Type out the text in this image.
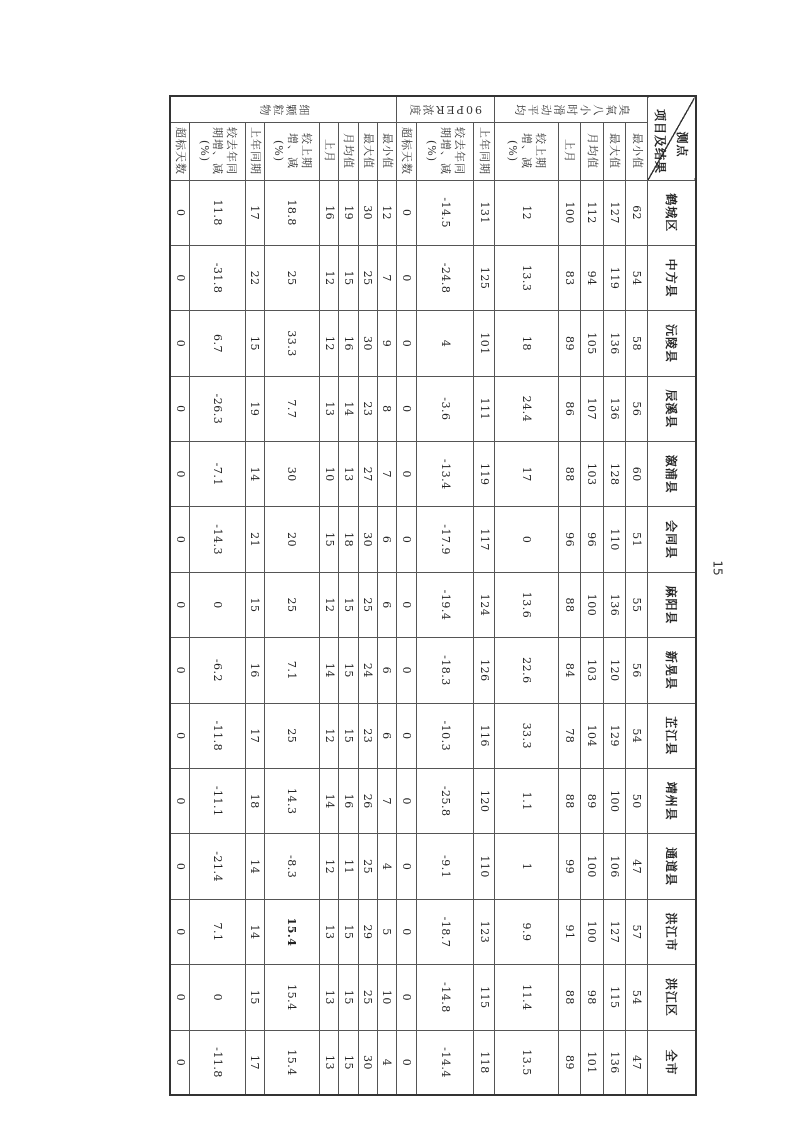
测点
项目及结果		鹤城区	中方县	沅陵县	辰溪县	溆浦县	会同县	麻阳县	新晃县	芷江县	靖州县	通道县	洪江市	洪江区	全市
臭氧八小时滑动平均	最小值	62	54	58	56	60	51	55	56	54	50	47	57	54	47
	最大值	127	119	136	136	128	110	136	120	129	100	106	127	115	136
	月均值	112	94	105	107	103	96	100	103	104	89	100	100	98	101
	上月	100	83	89	86	88	96	88	84	78	88	99	91	88	89
	较上期增、减(%)	12	13.3	18	24.4	17	0	13.6	22.6	33.3	1.1	1	9.9	11.4	13.5
90PER浓度	上年同期	131	125	101	111	119	117	124	126	116	120	110	123	115	118
	较去年同期增、减(%)	-14.5	-24.8	4	-3.6	-13.4	-17.9	-19.4	-18.3	-10.3	-25.8	-9.1	-18.7	-14.8	-14.4
	超标天数	0	0	0	0	0	0	0	0	0	0	0	0	0	0
细颗粒物	最小值	12	7	9	8	7	6	6	6	6	7	4	5	10	4
	最大值	30	25	30	23	27	30	25	24	23	26	25	29	25	30
	月均值	19	15	16	14	13	18	15	15	15	16	11	15	15	15
	上月	16	12	12	13	10	15	12	14	12	14	12	13	13	13
	较上期增、减(%)	18.8	25	33.3	7.7	30	20	25	7.1	25	14.3	-8.3	15.4	15.4	15.4
	上年同期	17	22	15	19	14	21	15	16	17	18	14	14	15	17
	较去年同期增、减(%)	11.8	-31.8	6.7	-26.3	-7.1	-14.3	0	-6.2	-11.8	-11.1	-21.4	7.1	0	-11.8
	超标天数	0	0	0	0	0	0	0	0	0	0	0	0	0	0
15
